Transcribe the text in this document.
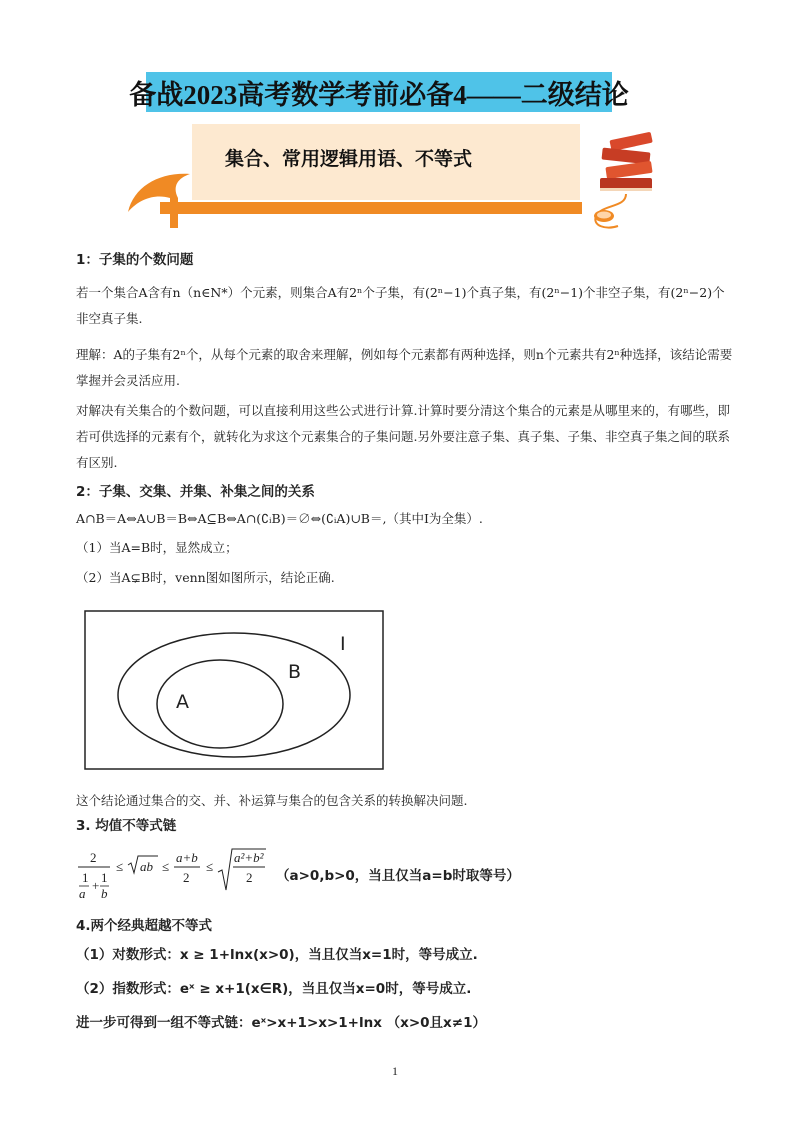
备战2023高考数学考前必备4——二级结论
集合、常用逻辑用语、不等式

1：子集的个数问题

若一个集合A含有n（n∈N*）个元素，则集合A有2ⁿ个子集，有(2ⁿ−1)个真子集，有(2ⁿ−1)个非空子集，有(2ⁿ−2)个非空真子集.

理解：A的子集有2ⁿ个，从每个元素的取舍来理解，例如每个元素都有两种选择，则n个元素共有2ⁿ种选择，该结论需要掌握并会灵活应用.

对解决有关集合的个数问题，可以直接利用这些公式进行计算.计算时要分清这个集合的元素是从哪里来的，有哪些，即若可供选择的元素有个，就转化为求这个元素集合的子集问题.另外要注意子集、真子集、子集、非空真子集之间的联系有区别.

2：子集、交集、并集、补集之间的关系

A∩B＝A⇔A∪B＝B⇔A⊆B⇔A∩(∁ᵢB)＝∅⇔(∁ᵢA)∪B＝,（其中I为全集）.

（1）当A=B时，显然成立；

（2）当A⊊B时，venn图如图所示，结论正确.

I
B
A

这个结论通过集合的交、并、补运算与集合的包含关系的转换解决问题.

3. 均值不等式链

2
1
a
+
1
b
≤ ab ≤
a+b
2
≤
a²+b²
2 （a>0,b>0，当且仅当a=b时取等号）

4.两个经典超越不等式

（1）对数形式：x ≥ 1+lnx(x>0)，当且仅当x=1时，等号成立.

（2）指数形式：eˣ ≥ x+1(x∈R)，当且仅当x=0时，等号成立.

进一步可得到一组不等式链：eˣ>x+1>x>1+lnx （x>0且x≠1）

1
